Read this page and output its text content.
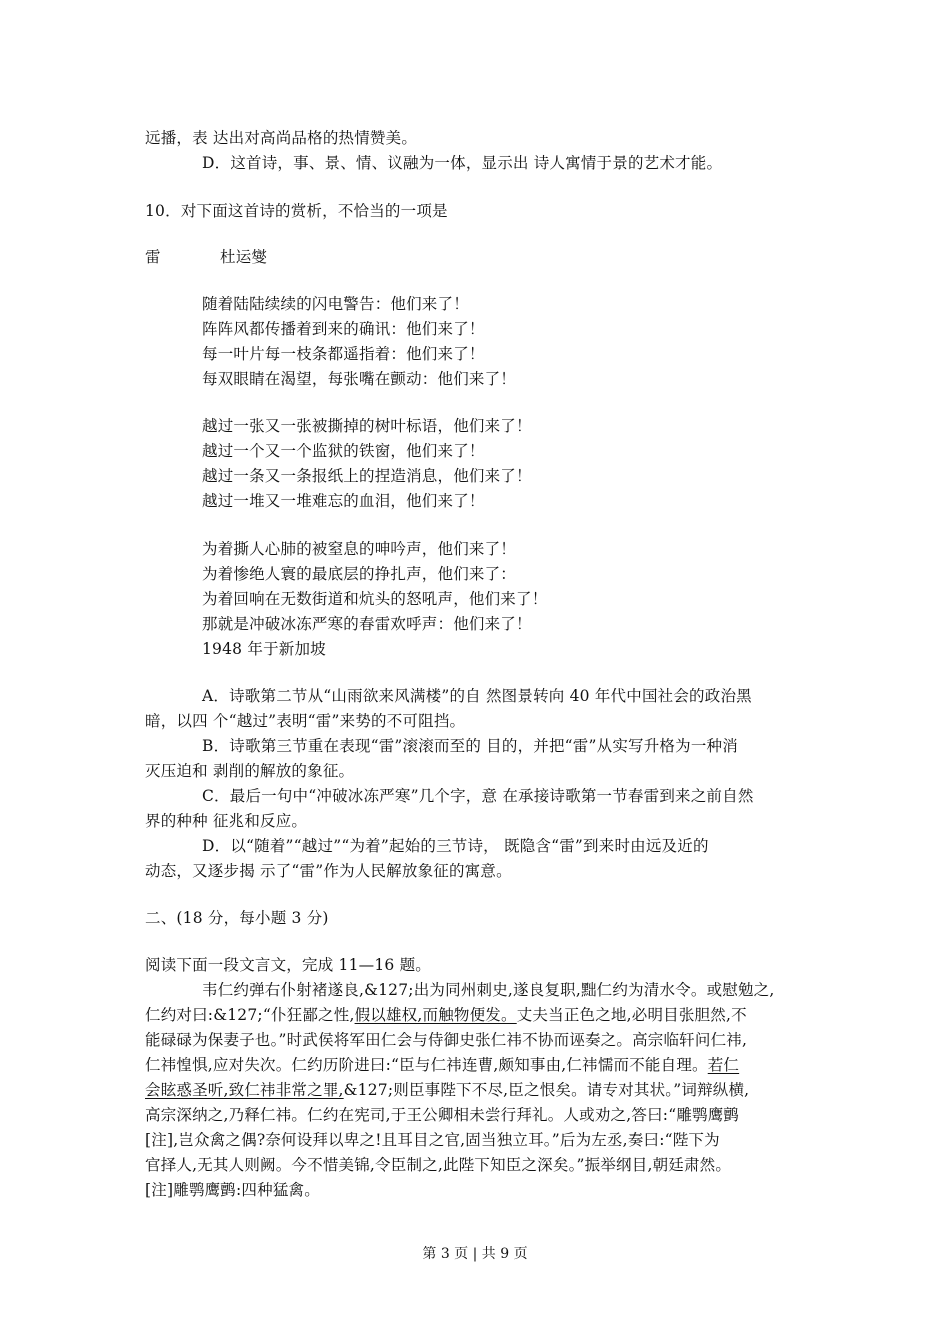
远播，表 达出对高尚品格的热情赞美。
D．这首诗，事、景、情、议融为一体，显示出 诗人寓情于景的艺术才能。
10．对下面这首诗的赏析，不恰当的一项是
雷	杜运燮
随着陆陆续续的闪电警告：他们来了！
阵阵风都传播着到来的确讯：他们来了！
每一叶片每一枝条都遥指着：他们来了！
每双眼睛在渴望，每张嘴在颤动：他们来了！
越过一张又一张被撕掉的树叶标语，他们来了！
越过一个又一个监狱的铁窗，他们来了！
越过一条又一条报纸上的捏造消息，他们来了！
越过一堆又一堆难忘的血泪，他们来了！
为着撕人心肺的被窒息的呻吟声，他们来了！
为着惨绝人寰的最底层的挣扎声，他们来了：
为着回响在无数街道和炕头的怒吼声，他们来了！
那就是冲破冰冻严寒的春雷欢呼声：他们来了！
1948 年于新加坡
A．诗歌第二节从“山雨欲来风满楼”的自 然图景转向 40 年代中国社会的政治黑
暗，以四 个“越过”表明“雷”来势的不可阻挡。
B．诗歌第三节重在表现“雷”滚滚而至的 目的，并把“雷”从实写升格为一种消
灭压迫和 剥削的解放的象征。
C．最后一句中“冲破冰冻严寒”几个字，意 在承接诗歌第一节春雷到来之前自然
界的种种 征兆和反应。
D．以“随着”“越过”“为着”起始的三节诗， 既隐含“雷”到来时由远及近的
动态，又逐步揭 示了“雷”作为人民解放象征的寓意。
二、(18 分，每小题 3 分)
阅读下面一段文言文，完成 11—16 题。
韦仁约弹右仆射褚遂良,&127;出为同州刺史,遂良复职,黜仁约为清水令。或慰勉之,
仁约对曰:&127;“仆狂鄙之性,假以雄权,而触物便发。丈夫当正色之地,必明目张胆然,不
能碌碌为保妻子也。”时武侯将军田仁会与侍御史张仁祎不协而诬奏之。高宗临轩问仁祎,
仁祎惶惧,应对失次。仁约历阶进曰:“臣与仁祎连曹,颇知事由,仁祎懦而不能自理。若仁
会眩惑圣听,致仁祎非常之罪,&127;则臣事陛下不尽,臣之恨矣。请专对其状。”词辩纵横,
高宗深纳之,乃释仁祎。仁约在宪司,于王公卿相未尝行拜礼。人或劝之,答曰:“雕鹗鹰鹯
[注],岂众禽之偶?奈何设拜以卑之!且耳目之官,固当独立耳。”后为左丞,奏曰:“陛下为
官择人,无其人则阙。今不惜美锦,令臣制之,此陛下知臣之深矣。”振举纲目,朝廷肃然。
[注]雕鹗鹰鹯:四种猛禽。
第 3 页 | 共 9 页
